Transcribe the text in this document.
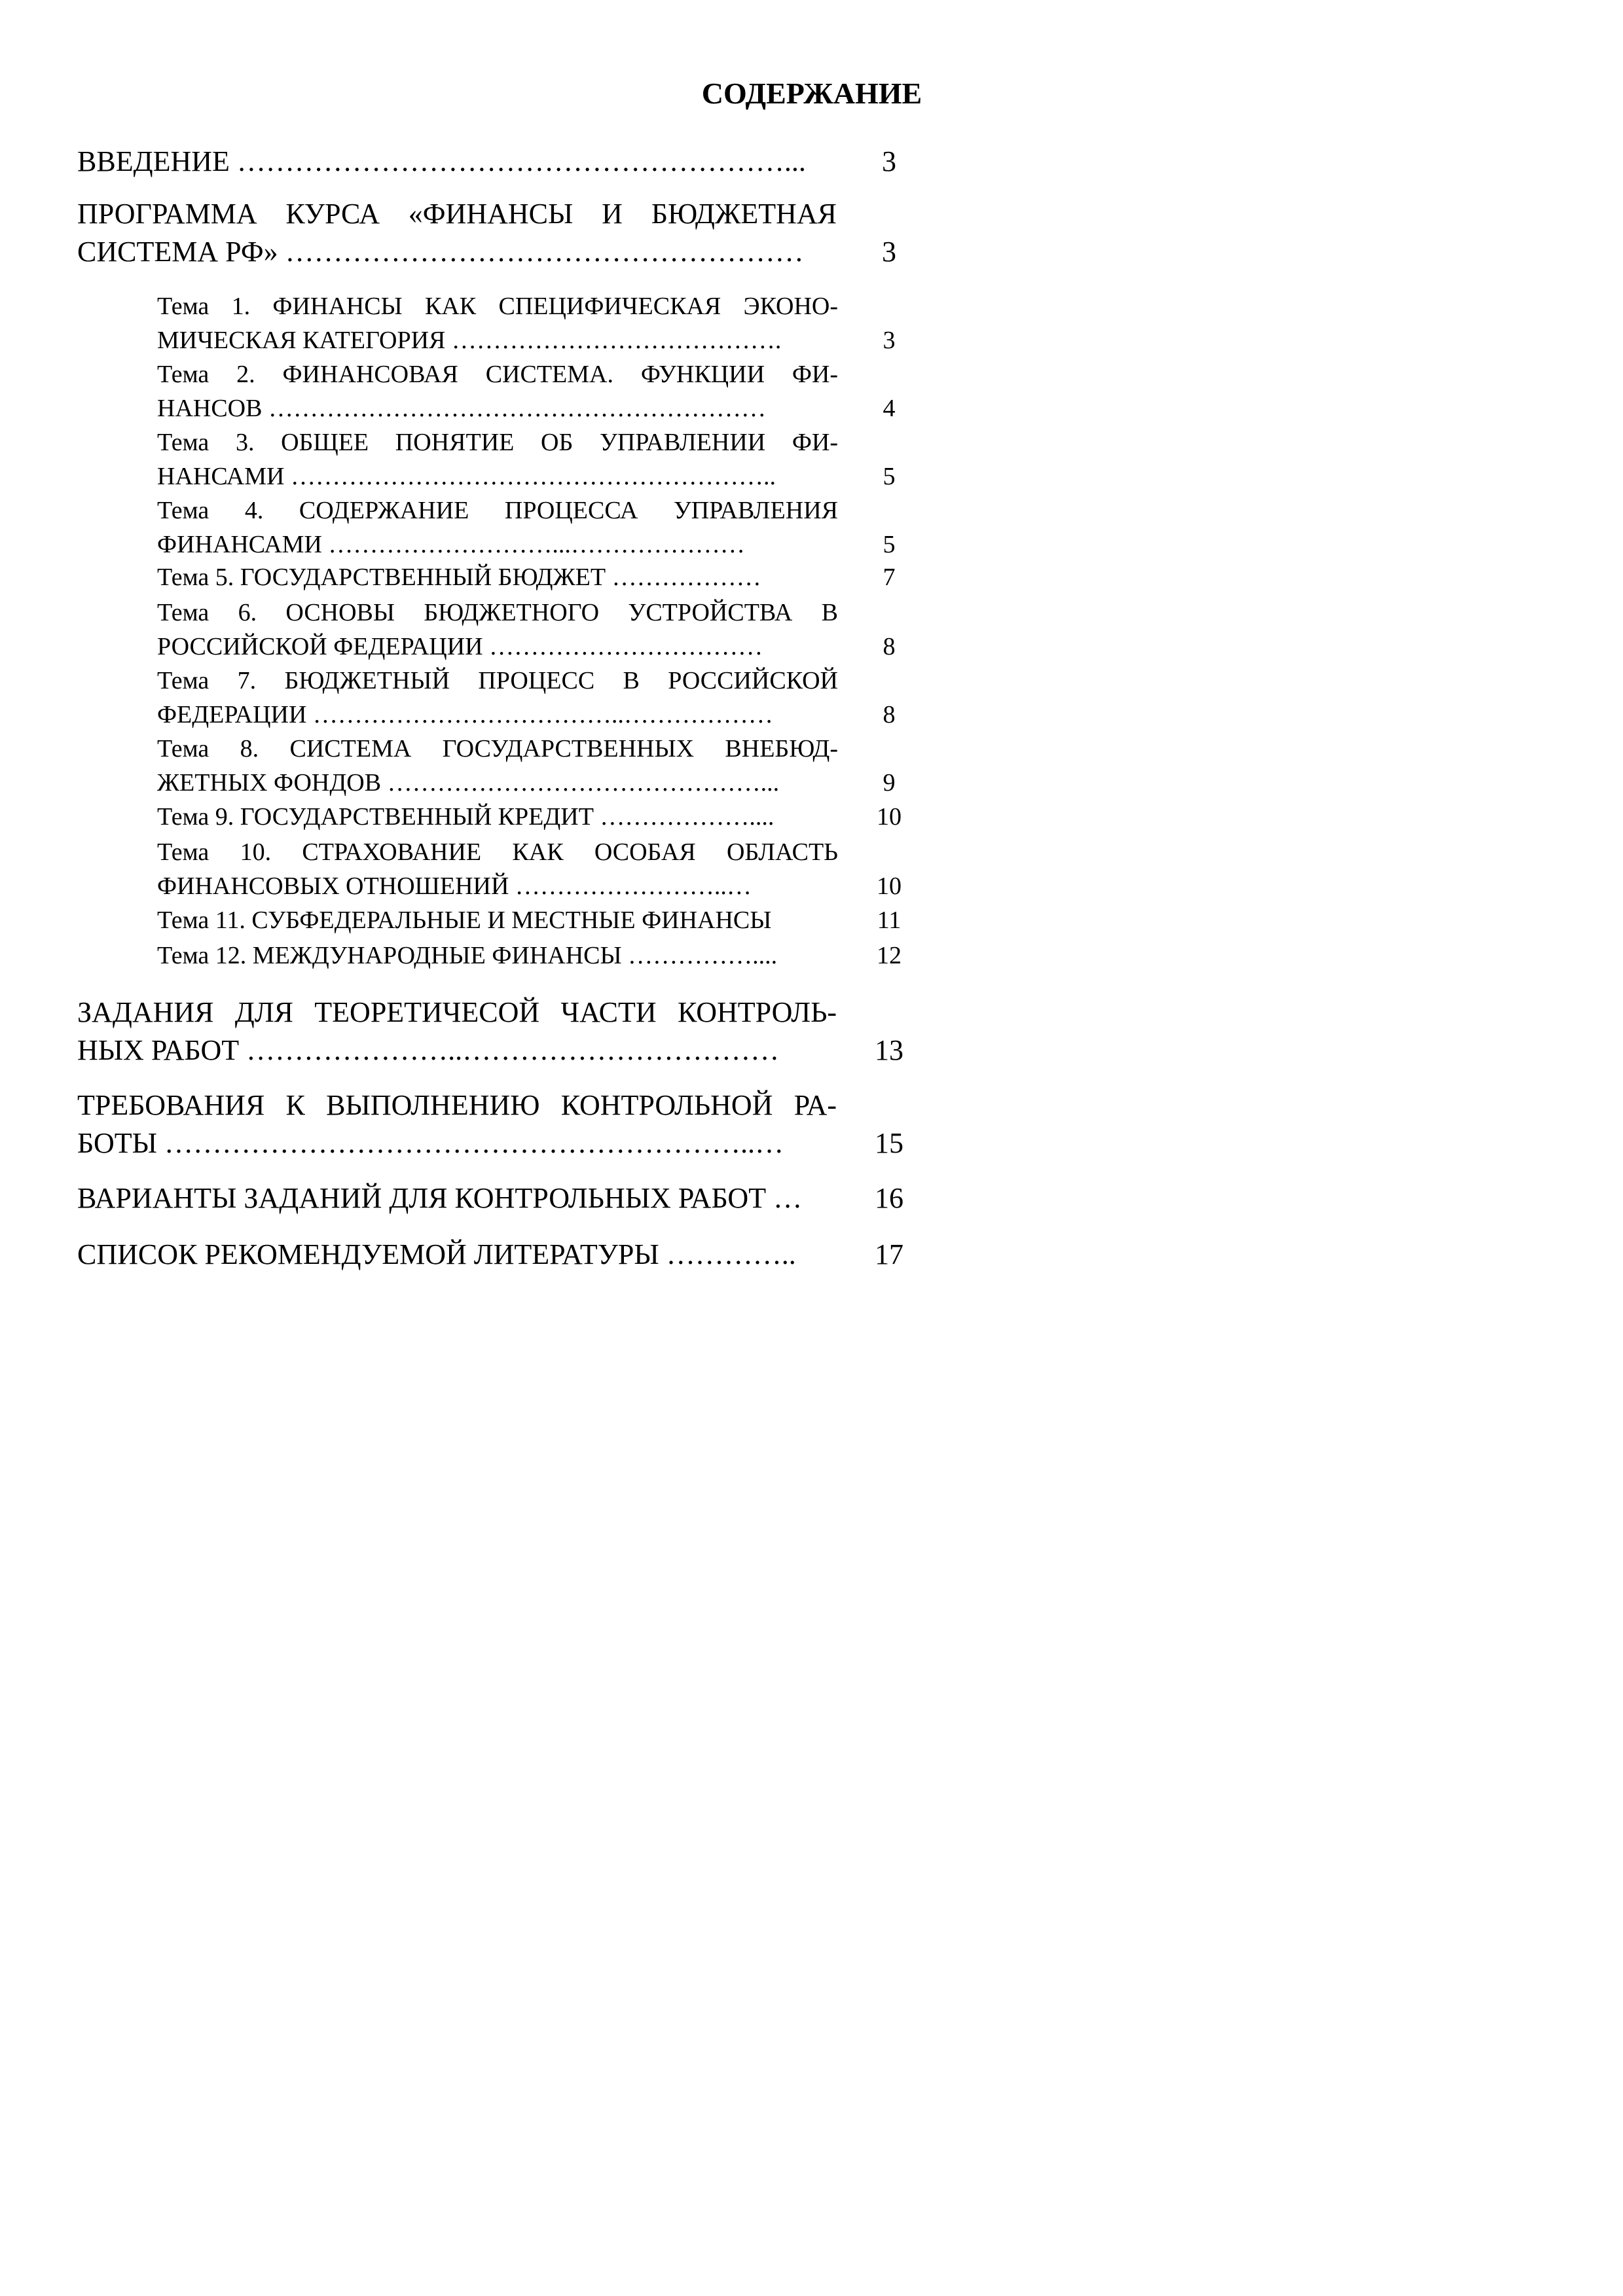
СОДЕРЖАНИЕ
ВВЕДЕНИЕ …………………………………………………...	3
ПРОГРАММА КУРСА «ФИНАНСЫ И БЮДЖЕТНАЯ
СИСТЕМА РФ» ………………………………………………	3
Тема 1. ФИНАНСЫ КАК СПЕЦИФИЧЕСКАЯ ЭКОНО-
МИЧЕСКАЯ КАТЕГОРИЯ ………………………………….	3
Тема 2. ФИНАНСОВАЯ СИСТЕМА. ФУНКЦИИ ФИ-
НАНСОВ ……………………………………………………	4
Тема 3. ОБЩЕЕ ПОНЯТИЕ ОБ УПРАВЛЕНИИ ФИ-
НАНСАМИ …………………………………………………..	5
Тема 4. СОДЕРЖАНИЕ ПРОЦЕССА УПРАВЛЕНИЯ
ФИНАНСАМИ ………………………...…………………	5
Тема 5. ГОСУДАРСТВЕННЫЙ БЮДЖЕТ ………………	7
Тема 6. ОСНОВЫ БЮДЖЕТНОГО УСТРОЙСТВА В
РОССИЙСКОЙ ФЕДЕРАЦИИ ……………………………	8
Тема 7. БЮДЖЕТНЫЙ ПРОЦЕСС В РОССИЙСКОЙ
ФЕДЕРАЦИИ ………………………………..………………	8
Тема 8. СИСТЕМА ГОСУДАРСТВЕННЫХ ВНЕБЮД-
ЖЕТНЫХ ФОНДОВ ………………………………………...	9
Тема 9. ГОСУДАРСТВЕННЫЙ КРЕДИТ ………………....	10
Тема 10. СТРАХОВАНИЕ КАК ОСОБАЯ ОБЛАСТЬ
ФИНАНСОВЫХ ОТНОШЕНИЙ ……………………..…	10
Тема 11. СУБФЕДЕРАЛЬНЫЕ И МЕСТНЫЕ ФИНАНСЫ	11
Тема 12. МЕЖДУНАРОДНЫЕ ФИНАНСЫ ……………....	12
ЗАДАНИЯ ДЛЯ ТЕОРЕТИЧЕСОЙ ЧАСТИ КОНТРОЛЬ-
НЫХ РАБОТ …………………..……………………………	13
ТРЕБОВАНИЯ К ВЫПОЛНЕНИЮ КОНТРОЛЬНОЙ РА-
БОТЫ ……………………………………………………..…	15
ВАРИАНТЫ ЗАДАНИЙ ДЛЯ КОНТРОЛЬНЫХ РАБОТ …	16
СПИСОК РЕКОМЕНДУЕМОЙ ЛИТЕРАТУРЫ …………..	17
